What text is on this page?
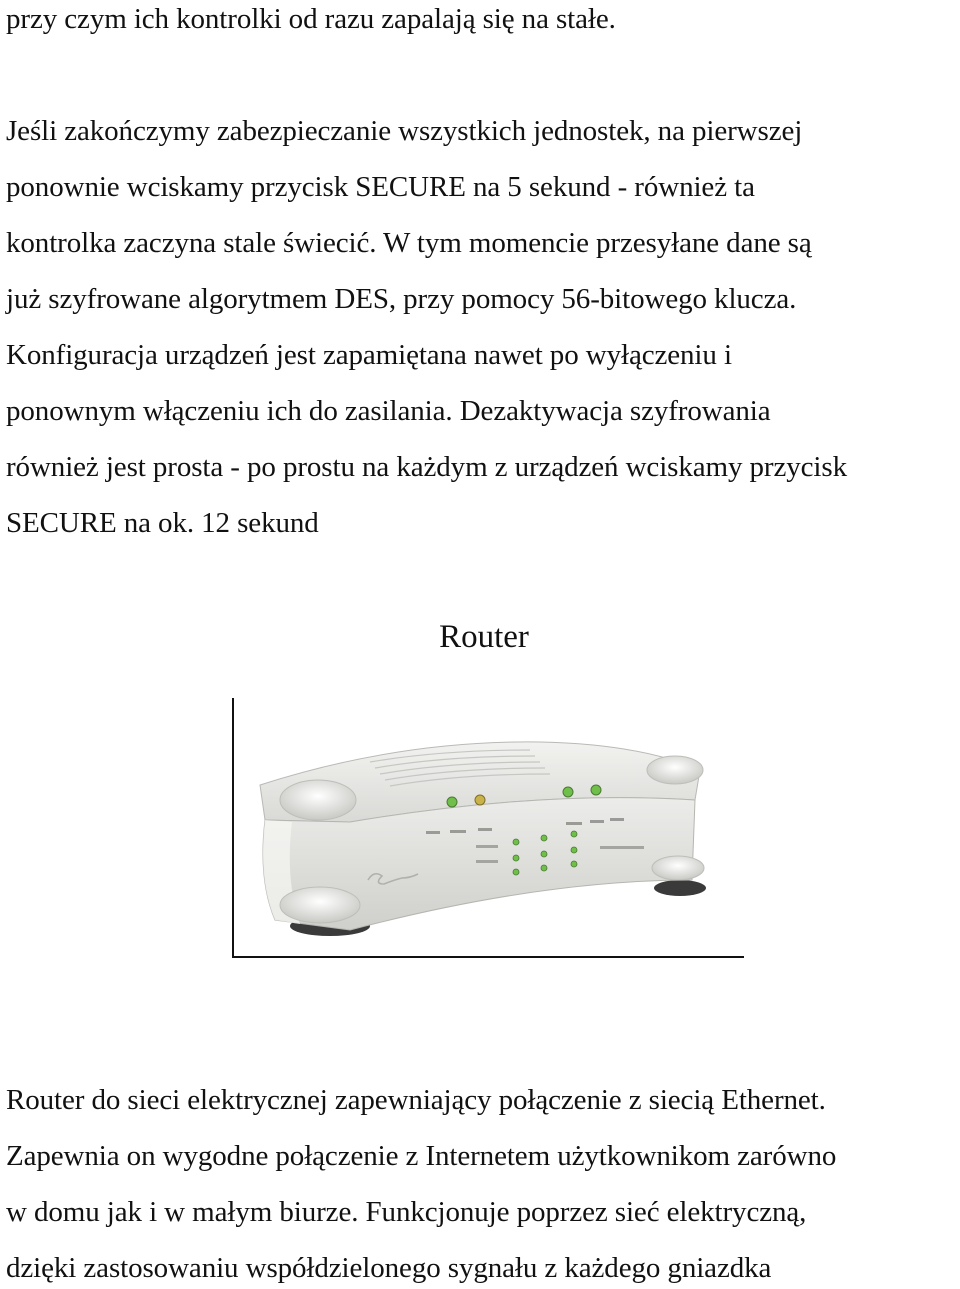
przy czym ich kontrolki od razu zapalają się na stałe.
Jeśli zakończymy zabezpieczanie wszystkich jednostek, na pierwszej
ponownie wciskamy przycisk SECURE na 5 sekund - również ta
kontrolka zaczyna stale świecić. W tym momencie przesyłane dane są
już szyfrowane algorytmem DES, przy pomocy 56-bitowego klucza.
Konfiguracja urządzeń jest zapamiętana nawet po wyłączeniu i
ponownym włączeniu ich do zasilania. Dezaktywacja szyfrowania
również jest prosta - po prostu na każdym z urządzeń wciskamy przycisk
SECURE na ok. 12 sekund
Router
Router do sieci elektrycznej zapewniający połączenie z siecią Ethernet.
Zapewnia on wygodne połączenie z Internetem użytkownikom zarówno
w domu jak i w małym biurze. Funkcjonuje poprzez sieć elektryczną,
dzięki zastosowaniu współdzielonego sygnału z każdego gniazdka
